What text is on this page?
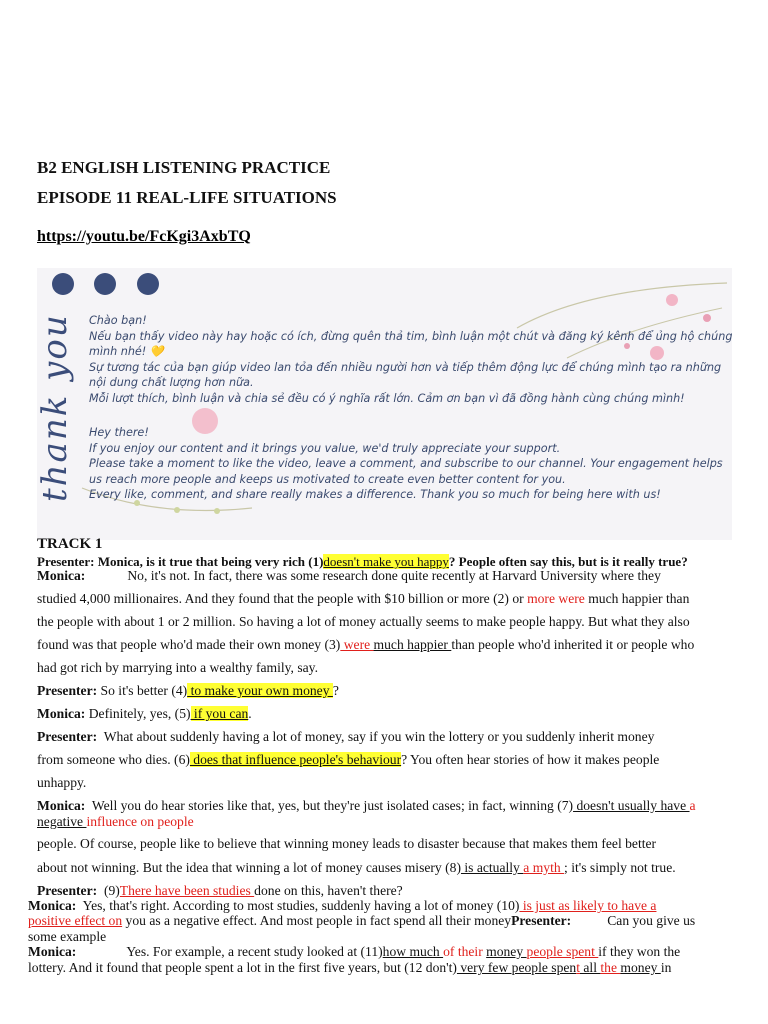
B2 ENGLISH LISTENING PRACTICE
EPISODE 11 REAL-LIFE SITUATIONS
https://youtu.be/FcKgi3AxbTQ
thank you	Chào bạn!
Nếu bạn thấy video này hay hoặc có ích, đừng quên thả tim, bình luận một chút và đăng ký kênh để ủng hộ chúng
mình nhé! 💛
Sự tương tác của bạn giúp video lan tỏa đến nhiều người hơn và tiếp thêm động lực để chúng mình tạo ra những
nội dung chất lượng hơn nữa.
Mỗi lượt thích, bình luận và chia sẻ đều có ý nghĩa rất lớn. Cảm ơn bạn vì đã đồng hành cùng chúng mình!
Hey there!
If you enjoy our content and it brings you value, we'd truly appreciate your support.
Please take a moment to like the video, leave a comment, and subscribe to our channel. Your engagement helps
us reach more people and keeps us motivated to create even better content for you.
Every like, comment, and share really makes a difference. Thank you so much for being here with us!
TRACK 1
Presenter: Monica, is it true that being very rich (1)doesn't make you happy? People often say this, but is it really true?
Monica:	No, it's not. In fact, there was some research done quite recently at Harvard University where they
studied 4,000 millionaires. And they found that the people with $10 billion or more (2) or more were much happier than
the people with about 1 or 2 million. So having a lot of money actually seems to make people happy. But what they also
found was that people who'd made their own money (3) were much happier than people who'd inherited it or people who
had got rich by marrying into a wealthy family, say.
Presenter: So it's better (4) to make your own money ?
Monica: Definitely, yes, (5) if you can.
Presenter: What about suddenly having a lot of money, say if you win the lottery or you suddenly inherit money
from someone who dies. (6) does that influence people's behaviour? You often hear stories of how it makes people
unhappy.
Monica: Well you do hear stories like that, yes, but they're just isolated cases; in fact, winning (7) doesn't usually have a
negative influence on people
people. Of course, people like to believe that winning money leads to disaster because that makes them feel better
about not winning. But the idea that winning a lot of money causes misery (8) is actually a myth ; it's simply not true.
Presenter: (9)There have been studies done on this, haven't there?
Monica: Yes, that's right. According to most studies, suddenly having a lot of money (10) is just as likely to have a
positive effect on you as a negative effect. And most people in fact spend all their moneyPresenter:	Can you give us
some example
Monica:	Yes. For example, a recent study looked at (11)how much of their money people spent if they won the
lottery. And it found that people spent a lot in the first five years, but (12 don't) very few people spent all the money in
